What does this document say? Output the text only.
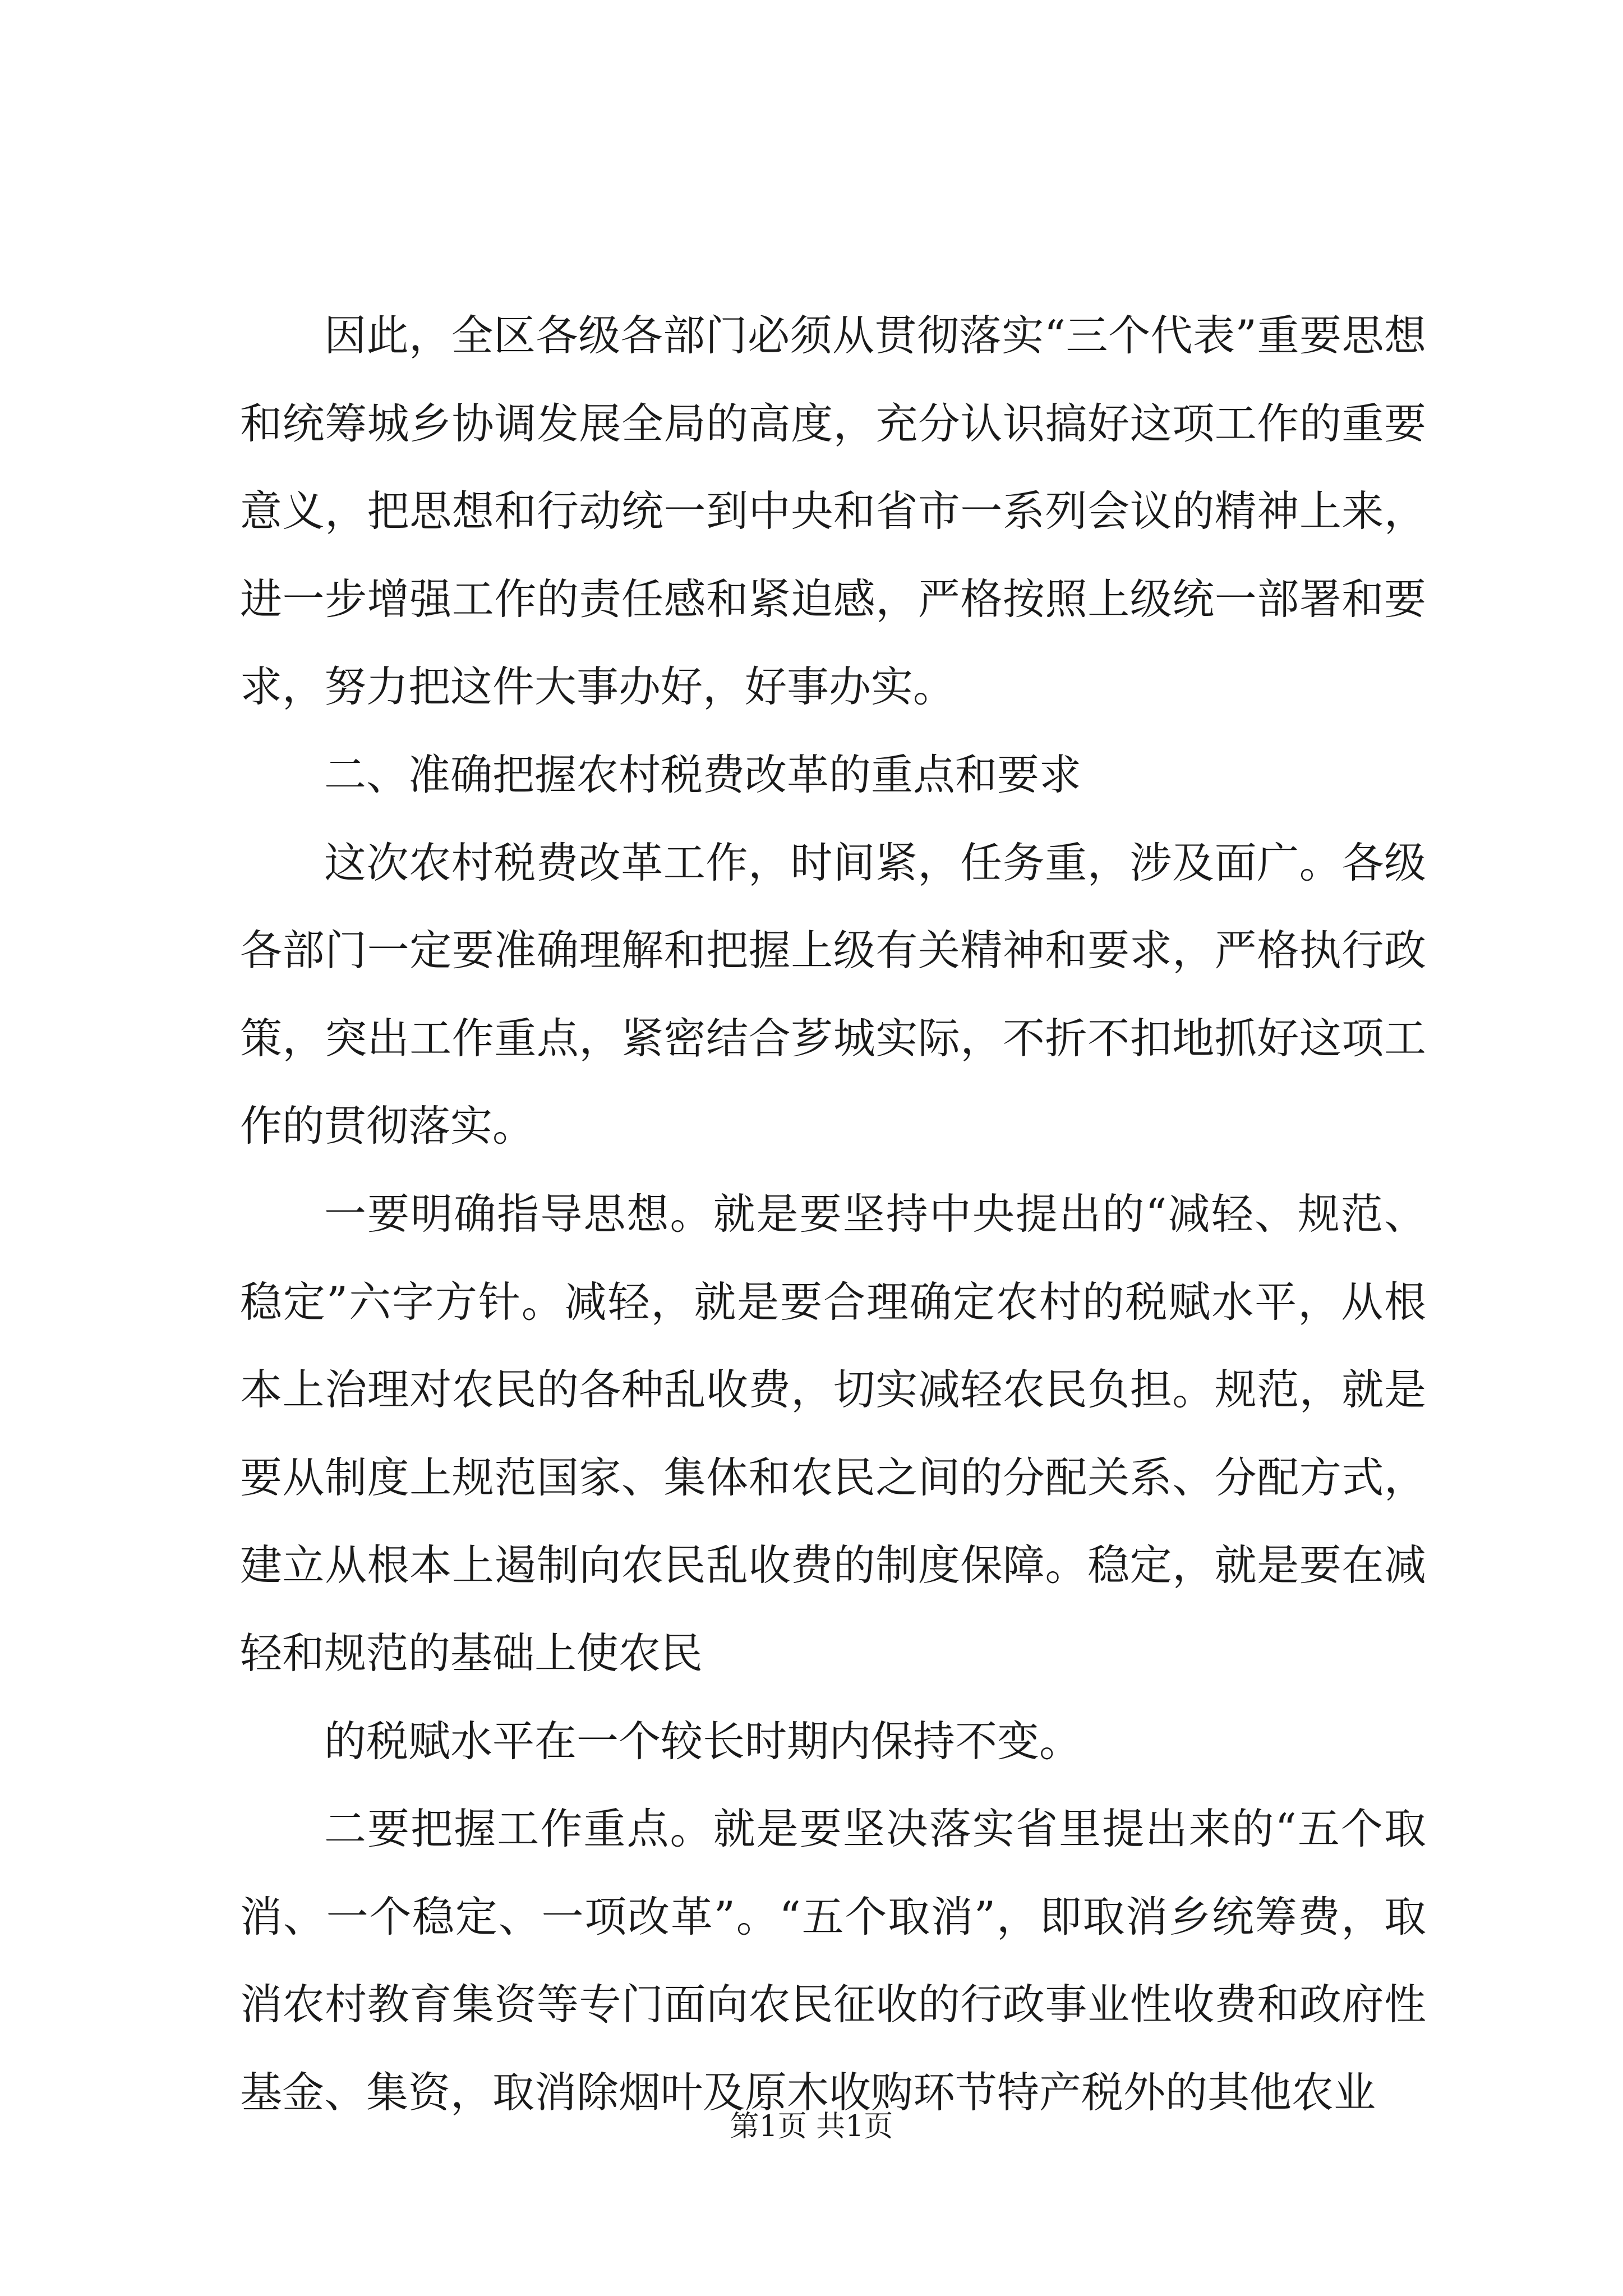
因此，全区各级各部门必须从贯彻落实“三个代表”重要思想和统筹城乡协调发展全局的高度，充分认识搞好这项工作的重要意义，把思想和行动统一到中央和省市一系列会议的精神上来，进一步增强工作的责任感和紧迫感，严格按照上级统一部署和要求，努力把这件大事办好，好事办实。

二、准确把握农村税费改革的重点和要求

这次农村税费改革工作，时间紧，任务重，涉及面广。各级各部门一定要准确理解和把握上级有关精神和要求，严格执行政策，突出工作重点，紧密结合芗城实际，不折不扣地抓好这项工作的贯彻落实。

一要明确指导思想。就是要坚持中央提出的“减轻、规范、稳定”六字方针。减轻，就是要合理确定农村的税赋水平，从根本上治理对农民的各种乱收费，切实减轻农民负担。规范，就是要从制度上规范国家、集体和农民之间的分配关系、分配方式，建立从根本上遏制向农民乱收费的制度保障。稳定，就是要在减轻和规范的基础上使农民

的税赋水平在一个较长时期内保持不变。

二要把握工作重点。就是要坚决落实省里提出来的“五个取消、一个稳定、一项改革”。“五个取消”，即取消乡统筹费，取消农村教育集资等专门面向农民征收的行政事业性收费和政府性基金、集资，取消除烟叶及原木收购环节特产税外的其他农业

第1页 共1页
